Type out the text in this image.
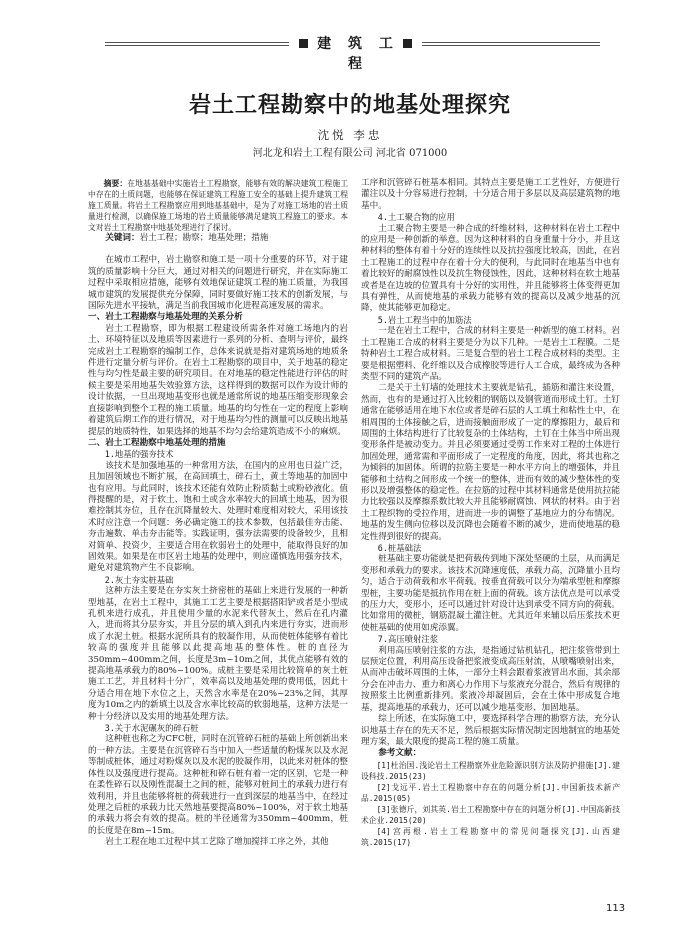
建 筑 工 程
岩土工程勘察中的地基处理探究
沈悦 李忠
河北龙和岩土工程有限公司 河北省 071000

摘要：在地基基础中实施岩土工程勘察，能够有效的解决建筑工程施工中存在的土质问题，也能够在保证建筑工程施工安全的基础上提升建筑工程施工质量。将岩土工程勘察应用到地基基础中，是为了对施工场地的岩土质量进行检测，以确保施工场地的岩土质量能够满足建筑工程施工的要求。本文对岩土工程勘察中地基处理进行了探讨。

关键词：岩土工程；勘察；地基处理；措施

在城市工程中，岩土勘察和施工是一项十分重要的环节，对于建筑的质量影响十分巨大，通过对相关的问题进行研究，并在实际施工过程中采取相应措施，能够有效地保证建筑工程的施工质量，为我国城市建筑的发展提供充分保障，同时要做好施工技术的创新发展，与国际先进水平接轨，满足当前我国城市化进程高速发展的需求。

一、岩土工程勘察与地基处理的关系分析

岩土工程勘察，即为根据工程建设所需条件对施工场地内的岩土、环境特征以及地质等因素进行一系列的分析、查明与评价，最终完成岩土工程勘察的编制工作，总体来说就是指对建筑场地的地质条件进行定量分析与评价。在岩土工程勘察的项目中，关于地基的稳定性与均匀性是最主要的研究项目。在对地基的稳定性能进行评估的时候主要是采用地基失效验算方法，这样得到的数据可以作为设计师的设计依据，一旦出现地基变形也就是通常所说的地基压缩变形现象会直接影响到整个工程的施工质量。地基的均匀性在一定的程度上影响着建筑后期工作的进行情况，对于地基均匀性的测量可以反映出地基提层的地质特性，如果选择的地基不均匀会给建筑造成不小的麻烦。

二、岩土工程勘察中地基处理的措施
1.地基的强夯技术

该技术是加强地基的一种常用方法，在国内的应用也日益广泛，且加固领域也不断扩展，在高回填土，碎石土，黄土等地基的加固中也有应用。与此同时，该技术还能有效防止粉质黏土或粉砂液化。值得提醒的是，对于软土、饱和土或含水率较大的回填土地基，因为很难控制其夯位，且存在沉降量较大、处理时难度相对较大，采用该技术时应注意一个问题：务必确定施工的技术参数，包括最佳夯击能、夯击遍数、单击夯击能等。实践证明，强夯法需要的设备较少，且相对简单、投资少，主要适合用在软弱岩土的处理中，能取得良好的加固效果。如果是在市区岩土地基的处理中，则应谨慎选用强夯技术，避免对建筑物产生不良影响。

2.灰土夯实桩基础

这种方法主要是在夯实灰土挤密桩的基础上来进行发展的一种新型地基，在岩土工程中，其施工工艺主要是根据搭阳铲或者是小型成孔机来进行成孔，并且使用少量的水泥来代替灰土，然后在孔内灌入，进而将其分层夯实，并且分层的填入到孔内来进行夯实，进而形成了水泥土桩。根据水泥所具有的胶凝作用，从而使桩体能够有着比较高的强度并且能够以此提高地基的整体性。桩的直径为350mm~400mm之间，长度是3m~10m之间，其优点能够有效的提高地基承载力的80%~100%。成桩主要是采用比较简单的灰土桩施工工艺，并且材料十分广，效率高以及地基处理的费用低，因此十分适合用在地下水位之上，天然含水率是在20%~23%之间，其厚度为10m之内的新填土以及含水率比较高的软弱地基，这种方法是一种十分经济以及实用的地基处理方法。

3.关于水泥碾灰的碎石桩

这种桩也称之为CFC桩，同时在沉管碎石桩的基础上所创新出来的一种方法。主要是在沉管碎石当中加入一些适量的粉煤灰以及水泥等制成桩体，通过对粉煤灰以及水泥的胶凝作用，以此来对桩体的整体性以及强度进行提高。这种桩和碎石桩有着一定的区别，它是一种在柔性碎石以及刚性混凝土之间的桩，能够对桩间土的承载力进行有效利用，并且也能够将桩的荷载进行一直到深层的地基当中，在经过处理之后桩的承载力比天然地基要提高80%~100%，对于软土地基的承载力将会有效的提高。桩的半径通常为350mm~400mm，桩的长度是在8m~15m。

岩土工程在地工过程中其工艺除了增加搅拌工序之外，其他

工序和沉管碎石桩基本相同。其特点主要是施工工艺性好，方便进行灌注以及十分容易进行控制，十分适合用于多层以及高层建筑物的地基中。

4.土工聚合物的应用

土工聚合物主要是一种合成的纤维材料，这种材料在岩土工程中的应用是一种创新的举意。因为这种材料的自身重量十分小，并且这种材料的整体有着十分好的连续性以及抗拉强度比较高，因此，在岩土工程施工的过程中存在着十分大的便利，与此同时在地基当中也有着比较好的耐腐蚀性以及抗生物侵蚀性，因此，这种材料在软土地基或者是在边坡的位置具有十分好的实用性，并且能够将土体变得更加具有弹性，从而使地基的承载力能够有效的提高以及减少地基的沉降，使其能够更加稳定。

5.岩土工程当中的加筋法

一是在岩土工程中，合成的材料主要是一种新型的施工材料。岩土工程施工合成的材料主要是分为以下几种。一是岩土工程膜。二是特种岩土工程合成材料。三是复合型的岩土工程合成材料的类型。主要是根据塑料、化纤维以及合成橡胶等进行人工合成，最终成为各种类型不同的建筑产品。

二是关于土钉墙的处理技术主要就是钻孔，插筋和灌注来设置，然而，也有的是通过打入比较粗的钢筋以及钢管道而形成土钉。土钉通常在能够适用在地下水位或者是碎石层的人工填土和粘性土中，在相周围的土体接触之后，进而接触面形成了一定的摩擦阻力，最后和周围的土体结构进行了比较复杂的土体结构，土钉在土体当中所出现变形条件是被动变力。并且必须要通过受剪工作来对工程的土体进行加固处理，通常需和平面形成了一定程度的角度，因此，将其也称之为倾斜的加固体。所谓的拉筋主要是一种水平方向上的增强体，并且能够和土结构之间形成一个统一的整体，进而有效的减少整体性的变形以及增强整体的稳定性。在拉筋的过程中其材料通常是使用抗拉能力比较强以及摩擦系数比较大并且能够耐腐蚀、网状的材料。由于岩土工程织物的受拉作用，进而进一步的调整了基地应力的分布情况。地基的发生侧向位移以及沉降也会随着不断的减少，进而使地基的稳定性得到很好的提高。

6.桩基础法

桩基础主要功能就是把荷载传到地下深处坚硬的土层，从而满足变形和承载力的要求。该技术沉降速度低，承载力高，沉降量小且均匀，适合于动荷载和水平荷载。按垂直荷载可以分为端承型桩和摩擦型桩，主要功能是抵抗作用在桩上面的荷载。该方法优点是可以承受的压力大，变形小，还可以通过针对设计达到承受不同方向的荷载。比如常用的微桩，钢筋混凝土灌注桩。尤其近年来辅以后压浆技术更使桩基础的使用如虎添翼。

7.高压喷射注浆

利用高压喷射注浆的方法，是指通过钻机钻孔，把注浆管带到土层预定位置，利用高压设备把浆液变成高压射流，从喷嘴喷射出来，从而冲击破坏周围的土体，一部分土料会跟着浆液冒出水面，其余部分会在冲击力、重力和离心力作用下与浆液充分混合，然后有规律的按照浆土比例重新排列。浆液冷却凝固后，会在土体中形成复合地基，提高地基的承载力，还可以减少地基变形、加固地基。

综上所述，在实际施工中，要选择科学合理的勘察方法，充分认识地基土存在的先天不足，然后根据实际情况制定因地制宜的地基处理方案，最大限度的提高工程的施工质量。

参考文献：

[1]杜治国.浅论岩土工程勘察外业危险源识别方法及防护措施[J].建设科技.2015(23)

[2]戈远平.岩土工程勘察中存在的问题分析[J].中国新技术新产品.2015(05)

[3]张德斤，刘其英.岩土工程勘察中存在的问题分析[J].中国高新技术企业.2015(20)

[4]宫再根.岩土工程勘察中的常见问题探究[J].山西建筑.2015(17)

113
